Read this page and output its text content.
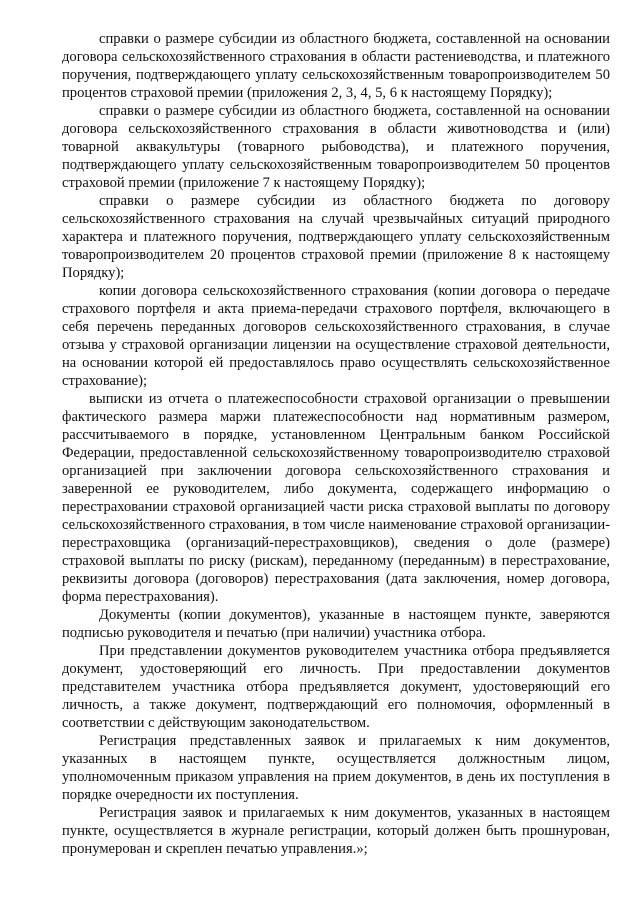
справки о размере субсидии из областного бюджета, составленной на основании договора сельскохозяйственного страхования в области растениеводства, и платежного поручения, подтверждающего уплату сельскохозяйственным товаропроизводителем 50 процентов страховой премии (приложения 2, 3, 4, 5, 6 к настоящему Порядку);

справки о размере субсидии из областного бюджета, составленной на основании договора сельскохозяйственного страхования в области животноводства и (или) товарной аквакультуры (товарного рыбоводства), и платежного поручения, подтверждающего уплату сельскохозяйственным товаропроизводителем 50 процентов страховой премии (приложение 7 к настоящему Порядку);

справки о размере субсидии из областного бюджета по договору сельскохозяйственного страхования на случай чрезвычайных ситуаций природного характера и платежного поручения, подтверждающего уплату сельскохозяйственным товаропроизводителем 20 процентов страховой премии (приложение 8 к настоящему Порядку);

копии договора сельскохозяйственного страхования (копии договора о передаче страхового портфеля и акта приема-передачи страхового портфеля, включающего в себя перечень переданных договоров сельскохозяйственного страхования, в случае отзыва у страховой организации лицензии на осуществление страховой деятельности, на основании которой ей предоставлялось право осуществлять сельскохозяйственное страхование);

выписки из отчета о платежеспособности страховой организации о превышении фактического размера маржи платежеспособности над нормативным размером, рассчитываемого в порядке, установленном Центральным банком Российской Федерации, предоставленной сельскохозяйственному товаропроизводителю страховой организацией при заключении договора сельскохозяйственного страхования и заверенной ее руководителем, либо документа, содержащего информацию о перестраховании страховой организацией части риска страховой выплаты по договору сельскохозяйственного страхования, в том числе наименование страховой организации-перестраховщика (организаций-перестраховщиков), сведения о доле (размере) страховой выплаты по риску (рискам), переданному (переданным) в перестрахование, реквизиты договора (договоров) перестрахования (дата заключения, номер договора, форма перестрахования).

Документы (копии документов), указанные в настоящем пункте, заверяются подписью руководителя и печатью (при наличии) участника отбора.

При представлении документов руководителем участника отбора предъявляется документ, удостоверяющий его личность. При предоставлении документов представителем участника отбора предъявляется документ, удостоверяющий его личность, а также документ, подтверждающий его полномочия, оформленный в соответствии с действующим законодательством.

Регистрация представленных заявок и прилагаемых к ним документов, указанных в настоящем пункте, осуществляется должностным лицом, уполномоченным приказом управления на прием документов, в день их поступления в порядке очередности их поступления.

Регистрация заявок и прилагаемых к ним документов, указанных в настоящем пункте, осуществляется в журнале регистрации, который должен быть прошнурован, пронумерован и скреплен печатью управления.»;
